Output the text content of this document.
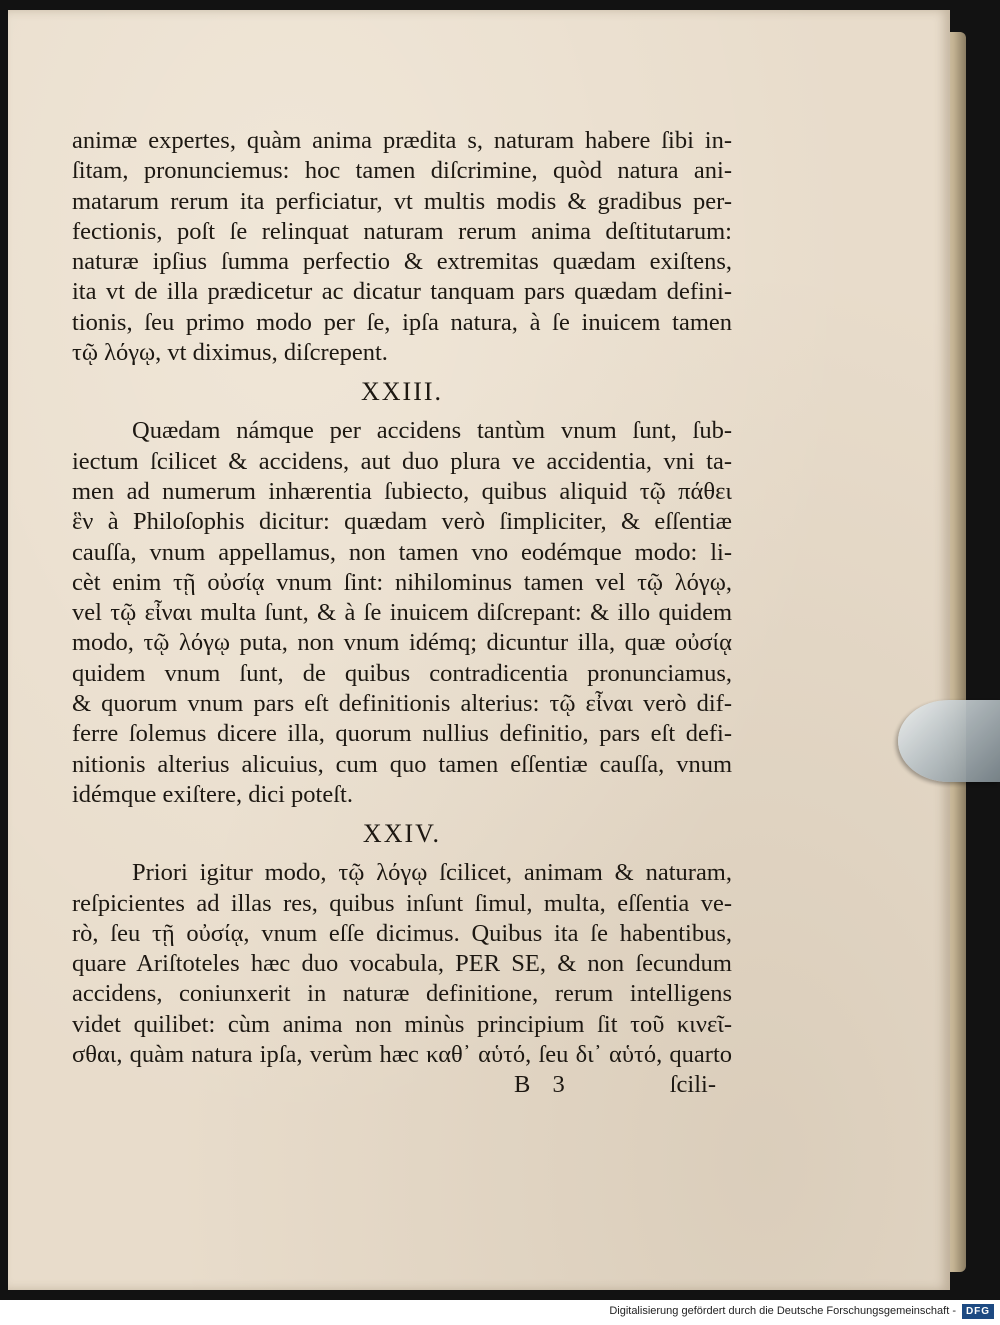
animæ expertes, quàm anima prædita s, naturam habere ſibi in-
ſitam, pronunciemus: hoc tamen diſcrimine, quòd natura ani-
matarum rerum ita perficiatur, vt multis modis & gradibus per-
fectionis, poſt ſe relinquat naturam rerum anima deſtitutarum:
naturæ ipſius ſumma perfectio & extremitas quædam exiſtens,
ita vt de illa prædicetur ac dicatur tanquam pars quædam defini-
tionis, ſeu primo modo per ſe, ipſa natura, à ſe inuicem tamen
τῷ λόγῳ, vt diximus, diſcrepent.
XXIII.
Quædam námque per accidens tantùm vnum ſunt, ſub-
iectum ſcilicet & accidens, aut duo plura ve accidentia, vni ta-
men ad numerum inhærentia ſubiecto, quibus aliquid τῷ πάθει
ἓν à Philoſophis dicitur: quædam verò ſimpliciter, & eſſentiæ
cauſſa, vnum appellamus, non tamen vno eodémque modo: li-
cèt enim τῇ οὐσίᾳ vnum ſint: nihilominus tamen vel τῷ λόγῳ,
vel τῷ εἶναι multa ſunt, & à ſe inuicem diſcrepant: & illo quidem
modo, τῷ λόγῳ puta, non vnum idémq; dicuntur illa, quæ οὐσίᾳ
quidem vnum ſunt, de quibus contradicentia pronunciamus,
& quorum vnum pars eſt definitionis alterius: τῷ εἶναι verò dif-
ferre ſolemus dicere illa, quorum nullius definitio, pars eſt defi-
nitionis alterius alicuius, cum quo tamen eſſentiæ cauſſa, vnum
idémque exiſtere, dici poteſt.
XXIV.
Priori igitur modo, τῷ λόγῳ ſcilicet, animam & naturam,
reſpicientes ad illas res, quibus inſunt ſimul, multa, eſſentia ve-
rò, ſeu τῇ οὐσίᾳ, vnum eſſe dicimus. Quibus ita ſe habentibus,
quare Ariſtoteles hæc duo vocabula, PER SE, & non ſecundum
accidens, coniunxerit in naturæ definitione, rerum intelligens
videt quilibet: cùm anima non minùs principium ſit τοῦ κινεῖ-
σθαι, quàm natura ipſa, verùm hæc καθ᾽ αὑτό, ſeu δι᾽ αὑτό, quarto
B 3	ſcili-
Digitalisierung gefördert durch die Deutsche Forschungsgemeinschaft - DFG
